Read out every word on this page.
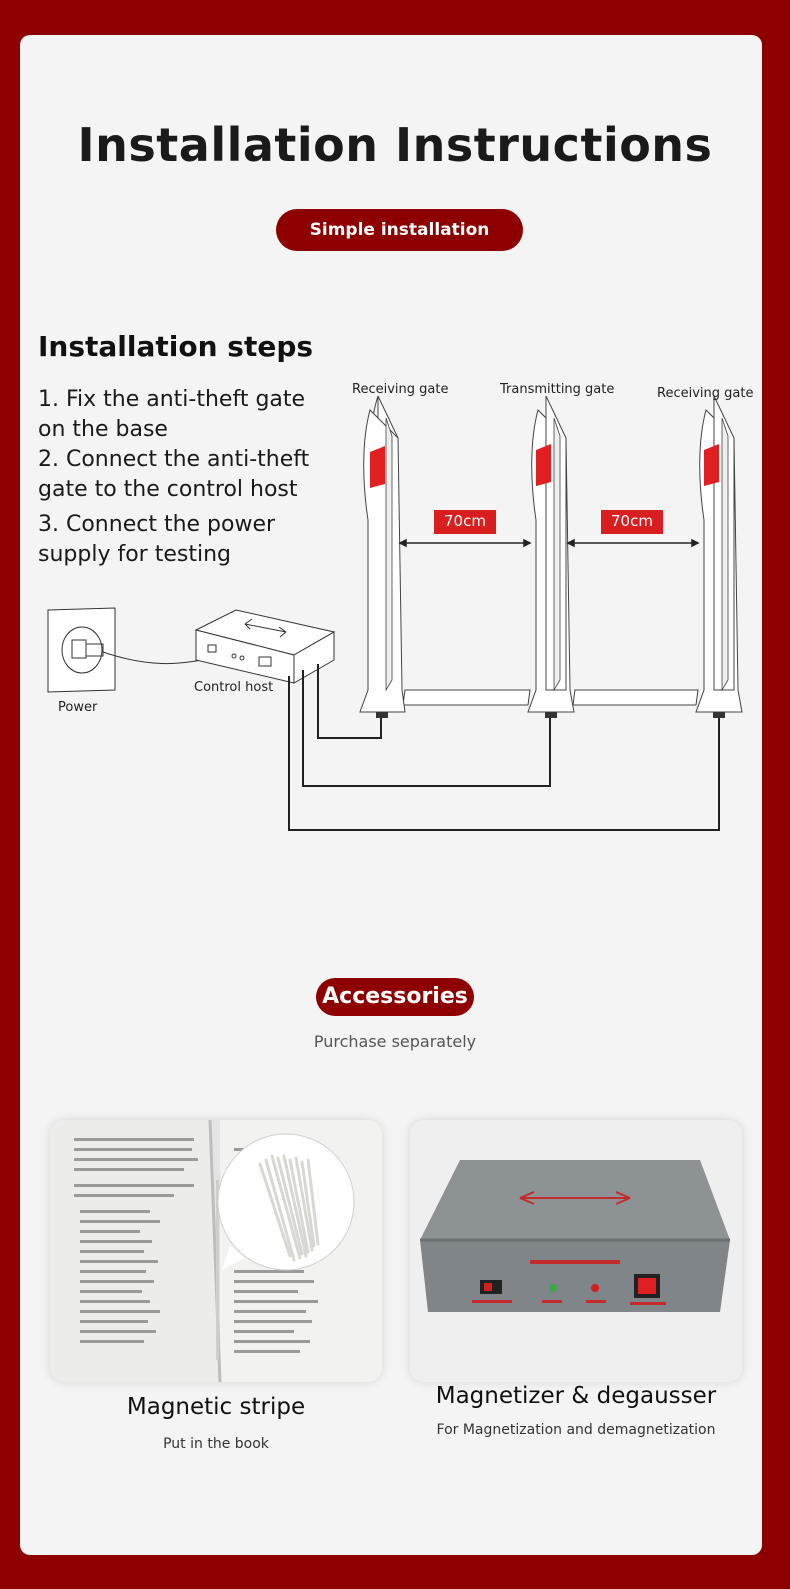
Installation Instructions
Simple installation
Installation steps
1. Fix the anti-theft gate on the base
2. Connect the anti-theft gate to the control host
3. Connect the power supply for testing
Receiving gate	Transmitting gate	Receiving gate
70cm	70cm
Control host
Power
Accessories
Purchase separately
Magnetic stripe
Put in the book
Magnetizer & degausser
For Magnetization and demagnetization
